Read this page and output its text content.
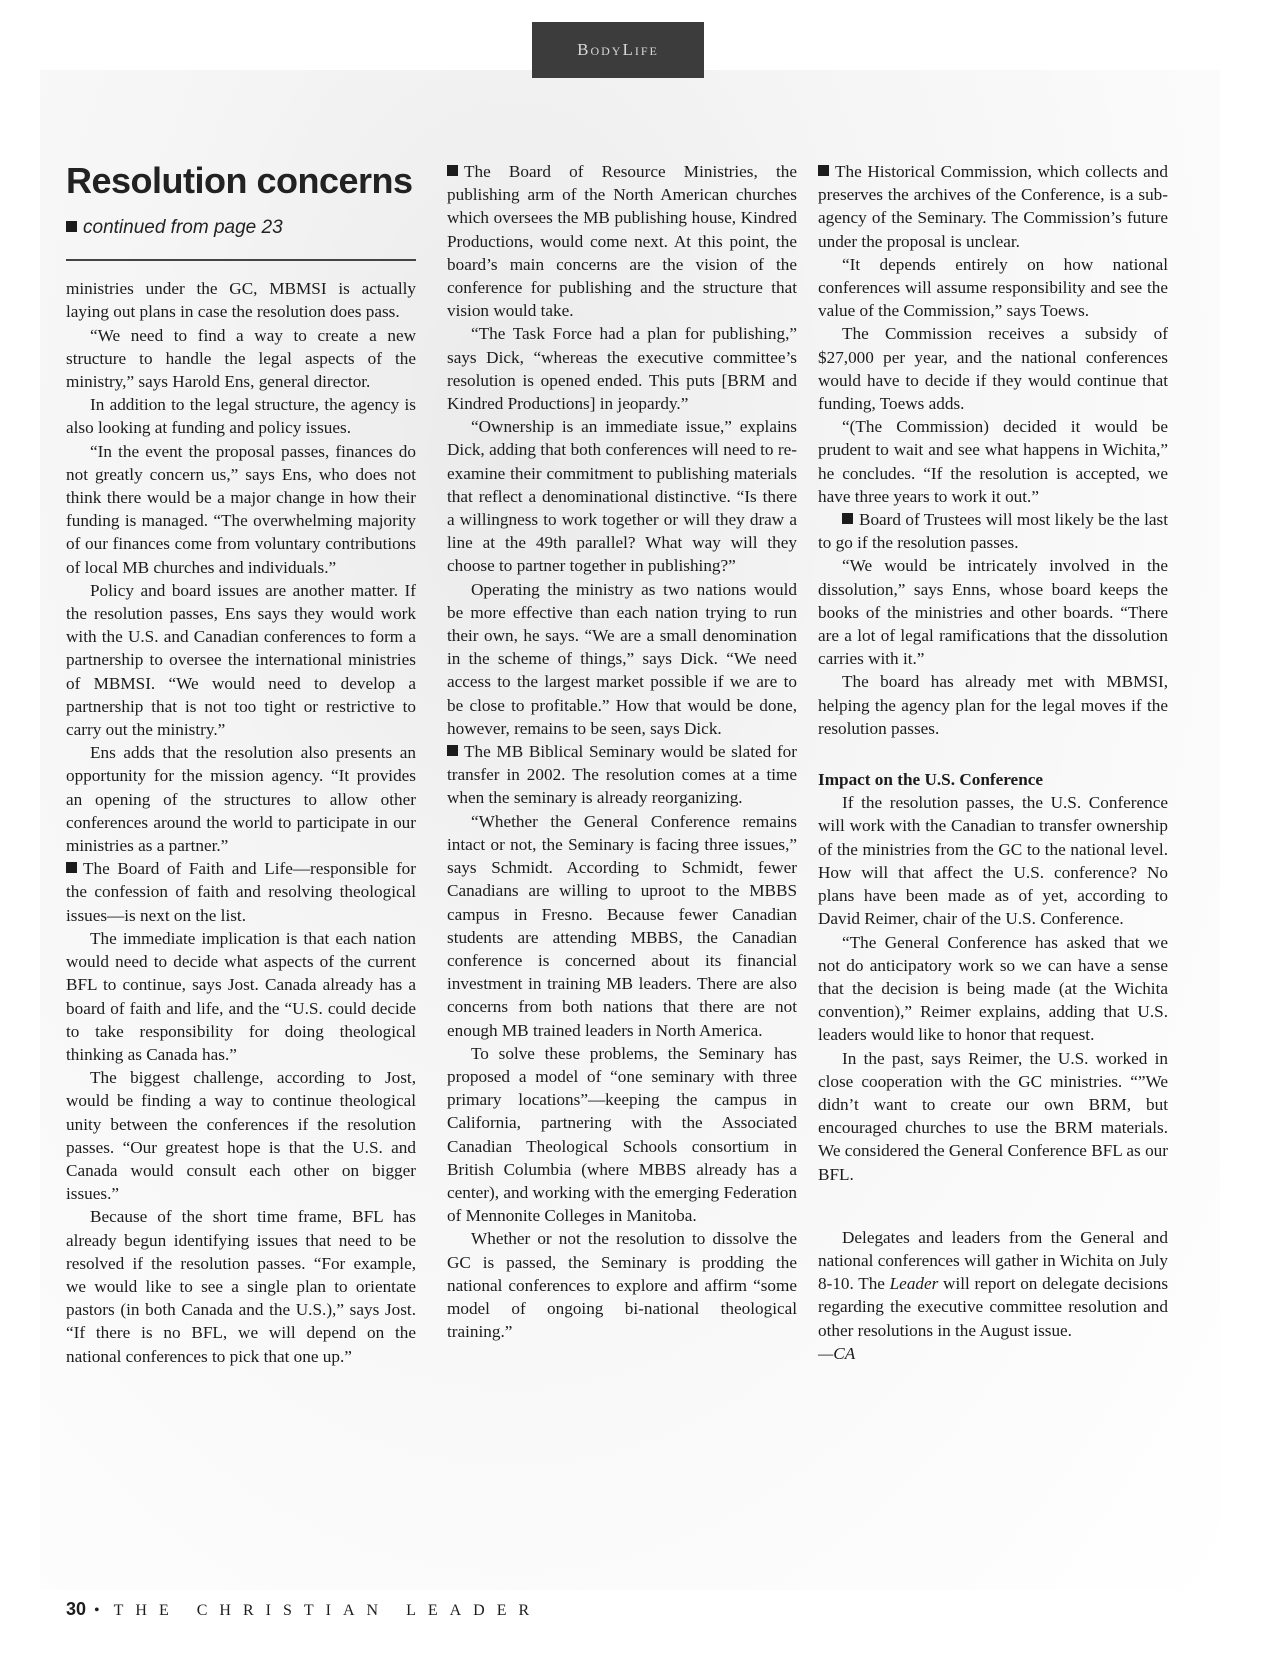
BodyLife
Resolution concerns
continued from page 23

ministries under the GC, MBMSI is actually laying out plans in case the resolution does pass.

“We need to find a way to create a new structure to handle the legal aspects of the ministry,” says Harold Ens, general director.

In addition to the legal structure, the agency is also looking at funding and policy issues.

“In the event the proposal passes, finances do not greatly concern us,” says Ens, who does not think there would be a major change in how their funding is managed. “The overwhelming majority of our finances come from voluntary contributions of local MB churches and individuals.”

Policy and board issues are another matter. If the resolution passes, Ens says they would work with the U.S. and Canadian conferences to form a partnership to oversee the international ministries of MBMSI. “We would need to develop a partnership that is not too tight or restrictive to carry out the ministry.”

Ens adds that the resolution also presents an opportunity for the mission agency. “It provides an opening of the structures to allow other conferences around the world to participate in our ministries as a partner.”

The Board of Faith and Life—responsible for the confession of faith and resolving theological issues—is next on the list.

The immediate implication is that each nation would need to decide what aspects of the current BFL to continue, says Jost. Canada already has a board of faith and life, and the “U.S. could decide to take responsibility for doing theological thinking as Canada has.”

The biggest challenge, according to Jost, would be finding a way to continue theological unity between the conferences if the resolution passes. “Our greatest hope is that the U.S. and Canada would consult each other on bigger issues.”

Because of the short time frame, BFL has already begun identifying issues that need to be resolved if the resolution passes. “For example, we would like to see a single plan to orientate pastors (in both Canada and the U.S.),” says Jost. “If there is no BFL, we will depend on the national conferences to pick that one up.”

The Board of Resource Ministries, the publishing arm of the North American churches which oversees the MB publishing house, Kindred Productions, would come next. At this point, the board’s main concerns are the vision of the conference for publishing and the structure that vision would take.

“The Task Force had a plan for publishing,” says Dick, “whereas the executive committee’s resolution is opened ended. This puts [BRM and Kindred Productions] in jeopardy.”

“Ownership is an immediate issue,” explains Dick, adding that both conferences will need to re-examine their commitment to publishing materials that reflect a denominational distinctive. “Is there a willingness to work together or will they draw a line at the 49th parallel? What way will they choose to partner together in publishing?”

Operating the ministry as two nations would be more effective than each nation trying to run their own, he says. “We are a small denomination in the scheme of things,” says Dick. “We need access to the largest market possible if we are to be close to profitable.” How that would be done, however, remains to be seen, says Dick.

The MB Biblical Seminary would be slated for transfer in 2002. The resolution comes at a time when the seminary is already reorganizing.

“Whether the General Conference remains intact or not, the Seminary is facing three issues,” says Schmidt. According to Schmidt, fewer Canadians are willing to uproot to the MBBS campus in Fresno. Because fewer Canadian students are attending MBBS, the Canadian conference is concerned about its financial investment in training MB leaders. There are also concerns from both nations that there are not enough MB trained leaders in North America.

To solve these problems, the Seminary has proposed a model of “one seminary with three primary locations”—keeping the campus in California, partnering with the Associated Canadian Theological Schools consortium in British Columbia (where MBBS already has a center), and working with the emerging Federation of Mennonite Colleges in Manitoba.

Whether or not the resolution to dissolve the GC is passed, the Seminary is prodding the national conferences to explore and affirm “some model of ongoing bi-national theological training.”

The Historical Commission, which collects and preserves the archives of the Conference, is a sub-agency of the Seminary. The Commission’s future under the proposal is unclear.

“It depends entirely on how national conferences will assume responsibility and see the value of the Commission,” says Toews.

The Commission receives a subsidy of $27,000 per year, and the national conferences would have to decide if they would continue that funding, Toews adds.

“(The Commission) decided it would be prudent to wait and see what happens in Wichita,” he concludes. “If the resolution is accepted, we have three years to work it out.”

Board of Trustees will most likely be the last to go if the resolution passes.

“We would be intricately involved in the dissolution,” says Enns, whose board keeps the books of the ministries and other boards. “There are a lot of legal ramifications that the dissolution carries with it.”

The board has already met with MBMSI, helping the agency plan for the legal moves if the resolution passes.

Impact on the U.S. Conference

If the resolution passes, the U.S. Conference will work with the Canadian to transfer ownership of the ministries from the GC to the national level. How will that affect the U.S. conference? No plans have been made as of yet, according to David Reimer, chair of the U.S. Conference.

“The General Conference has asked that we not do anticipatory work so we can have a sense that the decision is being made (at the Wichita convention),” Reimer explains, adding that U.S. leaders would like to honor that request.

In the past, says Reimer, the U.S. worked in close cooperation with the GC ministries. “”We didn’t want to create our own BRM, but encouraged churches to use the BRM materials. We considered the General Conference BFL as our BFL.

Delegates and leaders from the General and national conferences will gather in Wichita on July 8-10. The Leader will report on delegate decisions regarding the executive committee resolution and other resolutions in the August issue.

—CA

30 • THE CHRISTIAN LEADER
